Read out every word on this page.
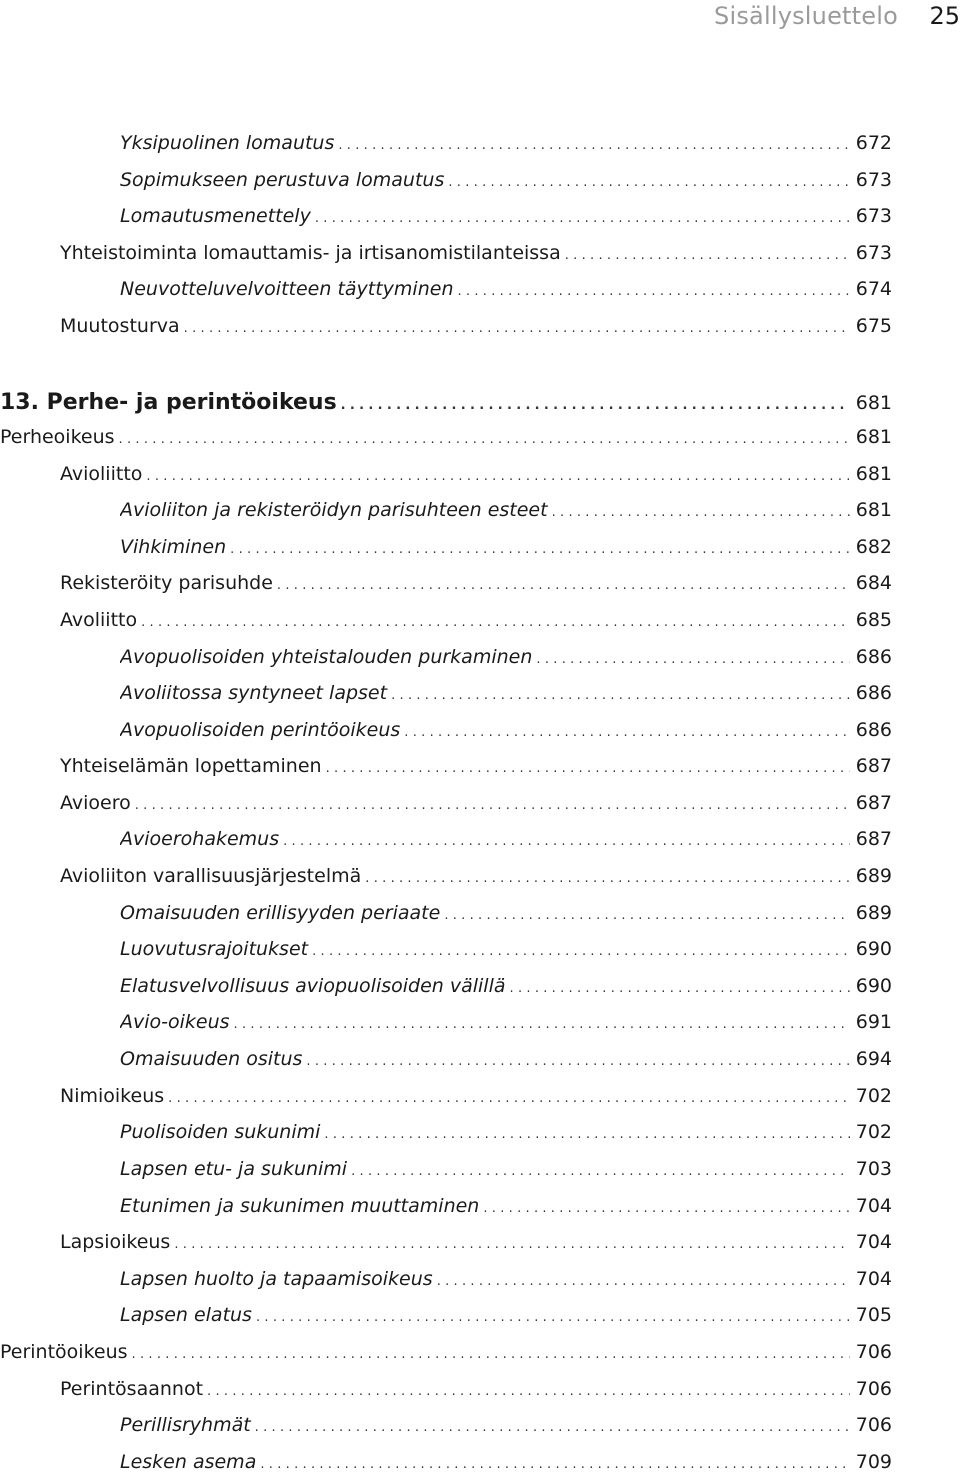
Sisällysluettelo	25
Yksipuolinen lomautus .....	672
Sopimukseen perustuva lomautus .....	673
Lomautusmenettely .....	673
Yhteistoiminta lomauttamis- ja irtisanomistilanteissa .....	673
Neuvotteluvelvoitteen täyttyminen .....	674
Muutosturva .....	675
13. Perhe- ja perintöoikeus .....	681
Perheoikeus .....	681
Avioliitto .....	681
Avioliiton ja rekisteröidyn parisuhteen esteet .....	681
Vihkiminen .....	682
Rekisteröity parisuhde .....	684
Avoliitto .....	685
Avopuolisoiden yhteistalouden purkaminen .....	686
Avoliitossa syntyneet lapset .....	686
Avopuolisoiden perintöoikeus .....	686
Yhteiselämän lopettaminen .....	687
Avioero .....	687
Avioerohakemus .....	687
Avioliiton varallisuusjärjestelmä .....	689
Omaisuuden erillisyyden periaate .....	689
Luovutusrajoitukset .....	690
Elatusvelvollisuus aviopuolisoiden välillä .....	690
Avio-oikeus .....	691
Omaisuuden ositus .....	694
Nimioikeus .....	702
Puolisoiden sukunimi .....	702
Lapsen etu- ja sukunimi .....	703
Etunimen ja sukunimen muuttaminen .....	704
Lapsioikeus .....	704
Lapsen huolto ja tapaamisoikeus .....	704
Lapsen elatus .....	705
Perintöoikeus .....	706
Perintösaannot .....	706
Perillisryhmät .....	706
Lesken asema .....	709
